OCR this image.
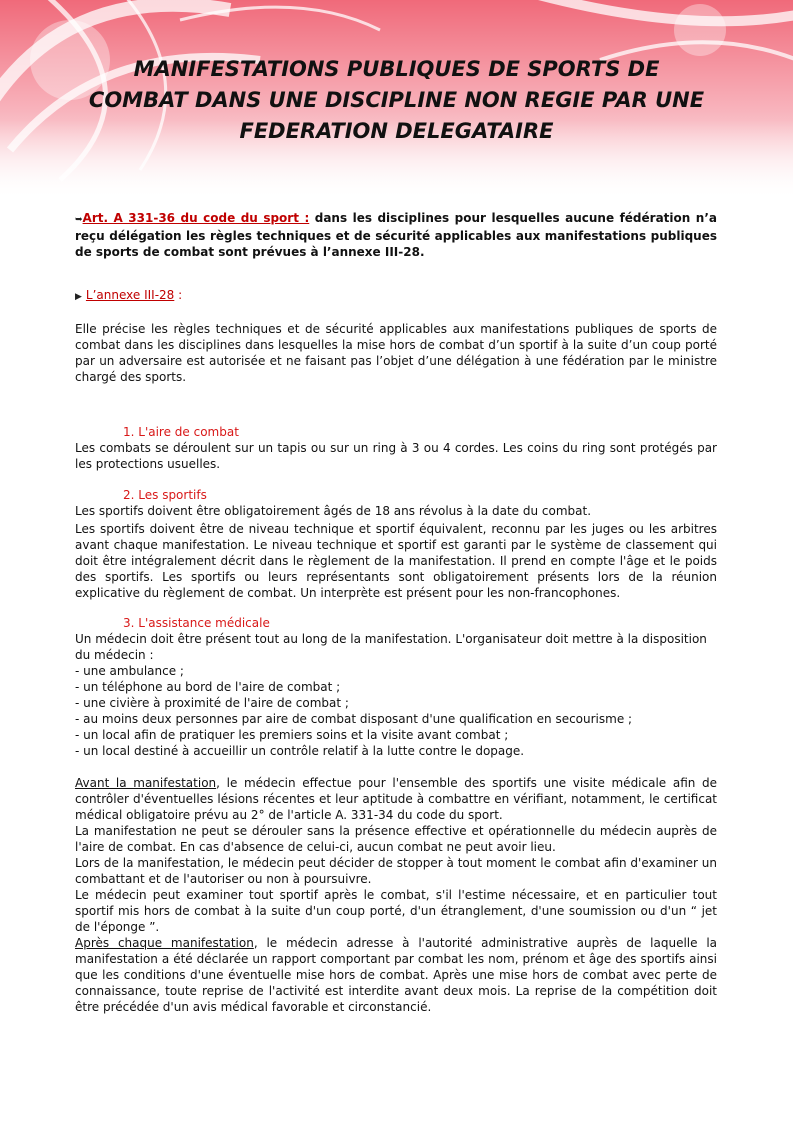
MANIFESTATIONS PUBLIQUES DE SPORTS DE
COMBAT DANS UNE DISCIPLINE NON REGIE PAR UNE
FEDERATION DELEGATAIRE
➥Art. A 331-36 du code du sport : dans les disciplines pour lesquelles aucune fédération n’a reçu délégation les règles techniques et de sécurité applicables aux manifestations publiques de sports de combat sont prévues à l’annexe III-28.
▶ L’annexe III-28 :
Elle précise les règles techniques et de sécurité applicables aux manifestations publiques de sports de combat dans les disciplines dans lesquelles la mise hors de combat d’un sportif à la suite d’un coup porté par un adversaire est autorisée et ne faisant pas l’objet d’une délégation à une fédération par le ministre chargé des sports.

1. L'aire de combat

Les combats se déroulent sur un tapis ou sur un ring à 3 ou 4 cordes. Les coins du ring sont protégés par les protections usuelles.

2. Les sportifs

Les sportifs doivent être obligatoirement âgés de 18 ans révolus à la date du combat.

Les sportifs doivent être de niveau technique et sportif équivalent, reconnu par les juges ou les arbitres avant chaque manifestation. Le niveau technique et sportif est garanti par le système de classement qui doit être intégralement décrit dans le règlement de la manifestation. Il prend en compte l'âge et le poids des sportifs. Les sportifs ou leurs représentants sont obligatoirement présents lors de la réunion explicative du règlement de combat. Un interprète est présent pour les non-francophones.

3. L'assistance médicale

Un médecin doit être présent tout au long de la manifestation. L'organisateur doit mettre à la disposition du médecin :

- une ambulance ;

- un téléphone au bord de l'aire de combat ;

- une civière à proximité de l'aire de combat ;

- au moins deux personnes par aire de combat disposant d'une qualification en secourisme ;

- un local afin de pratiquer les premiers soins et la visite avant combat ;

- un local destiné à accueillir un contrôle relatif à la lutte contre le dopage.

Avant la manifestation, le médecin effectue pour l'ensemble des sportifs une visite médicale afin de contrôler d'éventuelles lésions récentes et leur aptitude à combattre en vérifiant, notamment, le certificat médical obligatoire prévu au 2° de l'article A. 331-34 du code du sport.

La manifestation ne peut se dérouler sans la présence effective et opérationnelle du médecin auprès de l'aire de combat. En cas d'absence de celui-ci, aucun combat ne peut avoir lieu.

Lors de la manifestation, le médecin peut décider de stopper à tout moment le combat afin d'examiner un combattant et de l'autoriser ou non à poursuivre.

Le médecin peut examiner tout sportif après le combat, s'il l'estime nécessaire, et en particulier tout sportif mis hors de combat à la suite d'un coup porté, d'un étranglement, d'une soumission ou d'un “ jet de l'éponge ”.

Après chaque manifestation, le médecin adresse à l'autorité administrative auprès de laquelle la manifestation a été déclarée un rapport comportant par combat les nom, prénom et âge des sportifs ainsi que les conditions d'une éventuelle mise hors de combat. Après une mise hors de combat avec perte de connaissance, toute reprise de l'activité est interdite avant deux mois. La reprise de la compétition doit être précédée d'un avis médical favorable et circonstancié.
